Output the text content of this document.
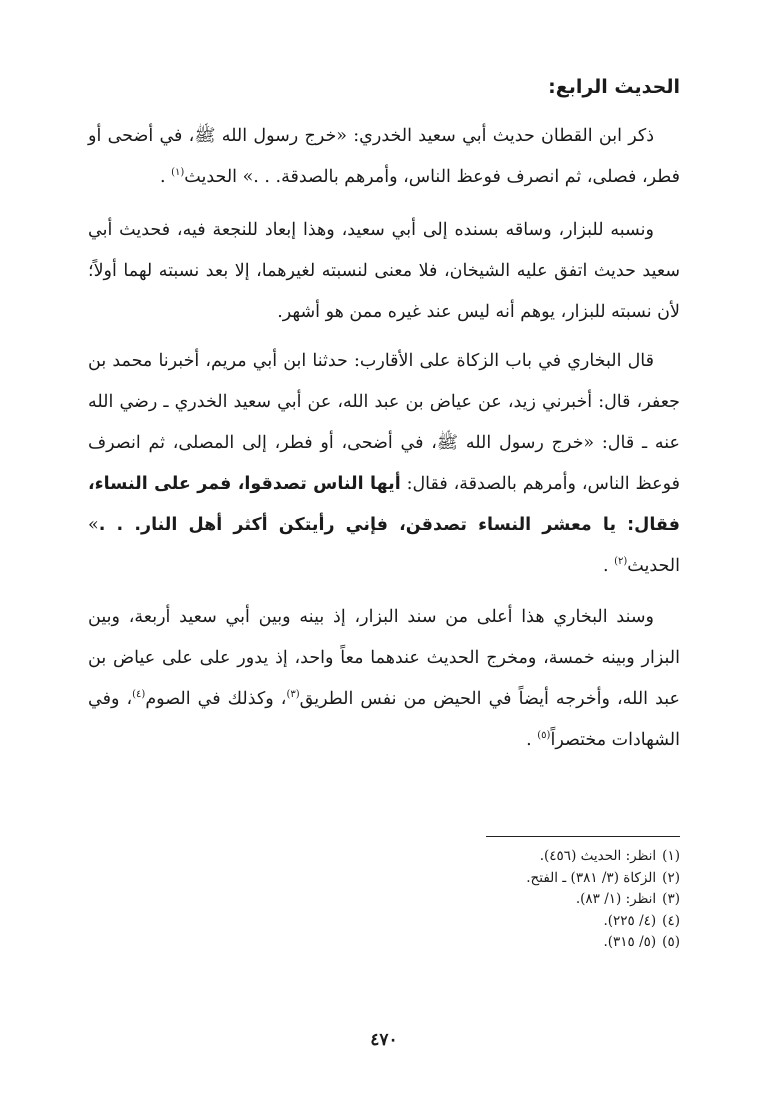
الحديث الرابع:

ذكر ابن القطان حديث أبي سعيد الخدري: «خرج رسول الله ﷺ، في أضحى أو فطر، فصلى، ثم انصرف فوعظ الناس، وأمرهم بالصدقة. . .» الحديث$^{(١)}$ .

ونسبه للبزار، وساقه بسنده إلى أبي سعيد، وهذا إبعاد للنجعة فيه، فحديث أبي سعيد حديث اتفق عليه الشيخان، فلا معنى لنسبته لغيرهما، إلا بعد نسبته لهما أولاً؛ لأن نسبته للبزار، يوهم أنه ليس عند غيره ممن هو أشهر.

قال البخاري في باب الزكاة على الأقارب: حدثنا ابن أبي مريم، أخبرنا محمد بن جعفر، قال: أخبرني زيد، عن عياض بن عبد الله، عن أبي سعيد الخدري ـ رضي الله عنه ـ قال: «خرج رسول الله ﷺ، في أضحى، أو فطر، إلى المصلى، ثم انصرف فوعظ الناس، وأمرهم بالصدقة، فقال: أيها الناس تصدقوا، فمر على النساء، فقال: يا معشر النساء تصدقن، فإني رأيتكن أكثر أهل النار. . .» الحديث$^{(٢)}$ .

وسند البخاري هذا أعلى من سند البزار، إذ بينه وبين أبي سعيد أربعة، وبين البزار وبينه خمسة، ومخرج الحديث عندهما معاً واحد، إذ يدور على على عياض بن عبد الله، وأخرجه أيضاً في الحيض من نفس الطريق$^{(٣)}$، وكذلك في الصوم$^{(٤)}$، وفي الشهادات مختصراً$^{(٥)}$ .

(١)انظر: الحديث (٤٥٦).
(٢)الزكاة (٣/ ٣٨١) ـ الفتح.
(٣)انظر: (١/ ٨٣).
(٤)(٤/ ٢٢٥).
(٥)(٥/ ٣١٥).
٤٧٠
